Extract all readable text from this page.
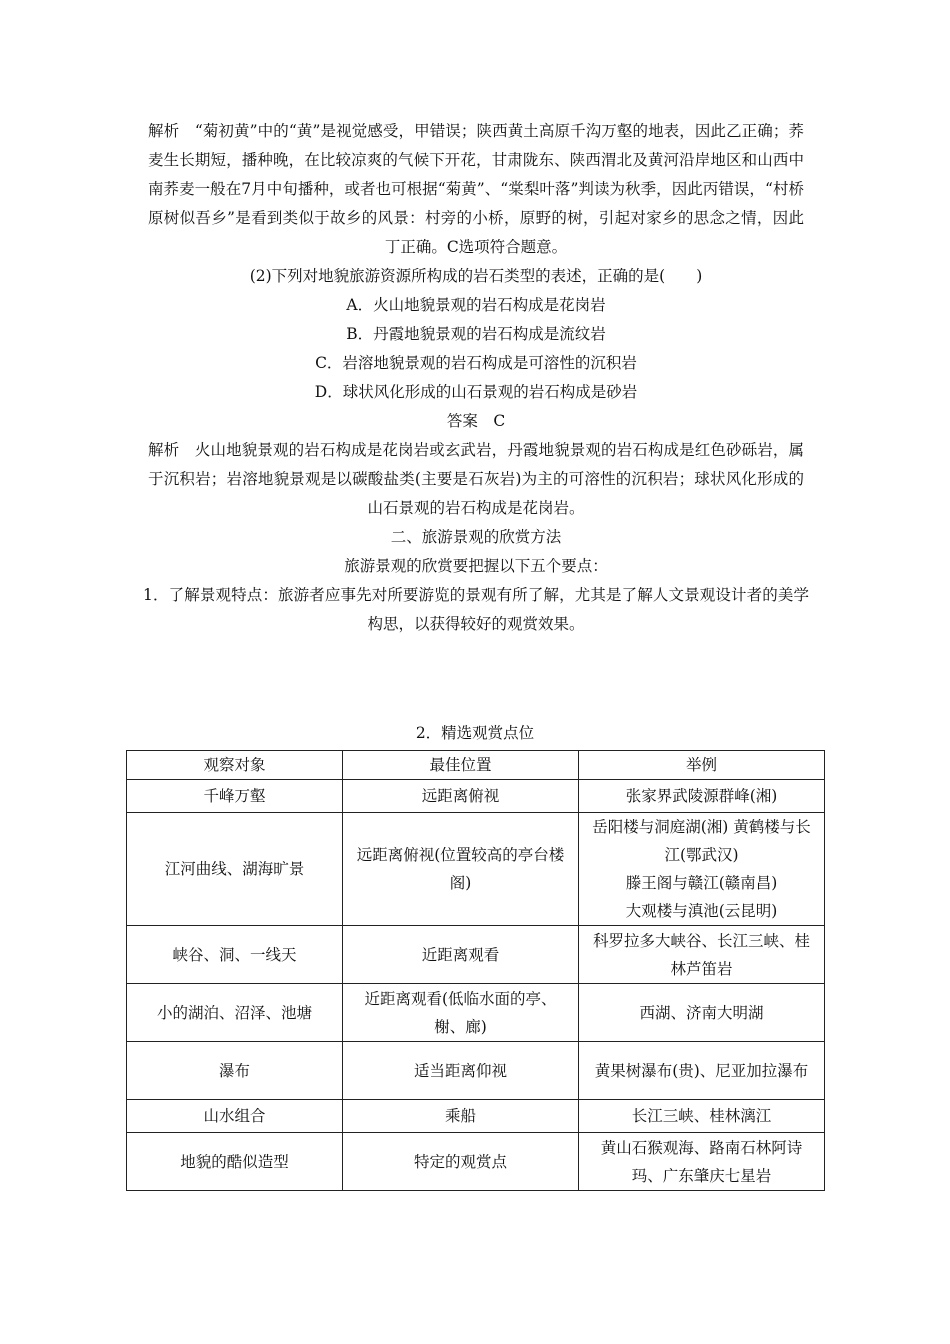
解析　 “菊初黄”中的“黄”是视觉感受，甲错误；陕西黄土高原千沟万壑的地表，因此乙正确；荞麦生长期短，播种晚，在比较凉爽的气候下开花，甘肃陇东、陕西渭北及黄河沿岸地区和山西中南荞麦一般在7月中旬播种，或者也可根据“菊黄”、“棠梨叶落”判读为秋季，因此丙错误，“村桥原树似吾乡”是看到类似于故乡的风景：村旁的小桥，原野的树，引起对家乡的思念之情，因此丁正确。C选项符合题意。

(2)下列对地貌旅游资源所构成的岩石类型的表述，正确的是(　　)

A．火山地貌景观的岩石构成是花岗岩

B．丹霞地貌景观的岩石构成是流纹岩

C．岩溶地貌景观的岩石构成是可溶性的沉积岩

D．球状风化形成的山石景观的岩石构成是砂岩

答案　C

解析　 火山地貌景观的岩石构成是花岗岩或玄武岩，丹霞地貌景观的岩石构成是红色砂砾岩，属于沉积岩；岩溶地貌景观是以碳酸盐类(主要是石灰岩)为主的可溶性的沉积岩；球状风化形成的山石景观的岩石构成是花岗岩。

二、旅游景观的欣赏方法

旅游景观的欣赏要把握以下五个要点：

1．了解景观特点：旅游者应事先对所要游览的景观有所了解，尤其是了解人文景观设计者的美学构思，以获得较好的观赏效果。

2．精选观赏点位

观察对象	最佳位置	举例
千峰万壑	远距离俯视	张家界武陵源群峰(湘)

江河曲线、湖海旷景	远距离俯视(位置较高的亭台楼阁)	岳阳楼与洞庭湖(湘) 黄鹤楼与长江(鄂武汉)
滕王阁与赣江(赣南昌)
大观楼与滇池(云昆明)

峡谷、洞、一线天	近距离观看	科罗拉多大峡谷、长江三峡、桂林芦笛岩

小的湖泊、沼泽、池塘	近距离观看(低临水面的亭、榭、廊)	西湖、济南大明湖

瀑布	适当距离仰视	黄果树瀑布(贵)、尼亚加拉瀑布

山水组合	乘船	长江三峡、桂林漓江

地貌的酷似造型	特定的观赏点	黄山石猴观海、路南石林阿诗玛、广东肇庆七星岩
